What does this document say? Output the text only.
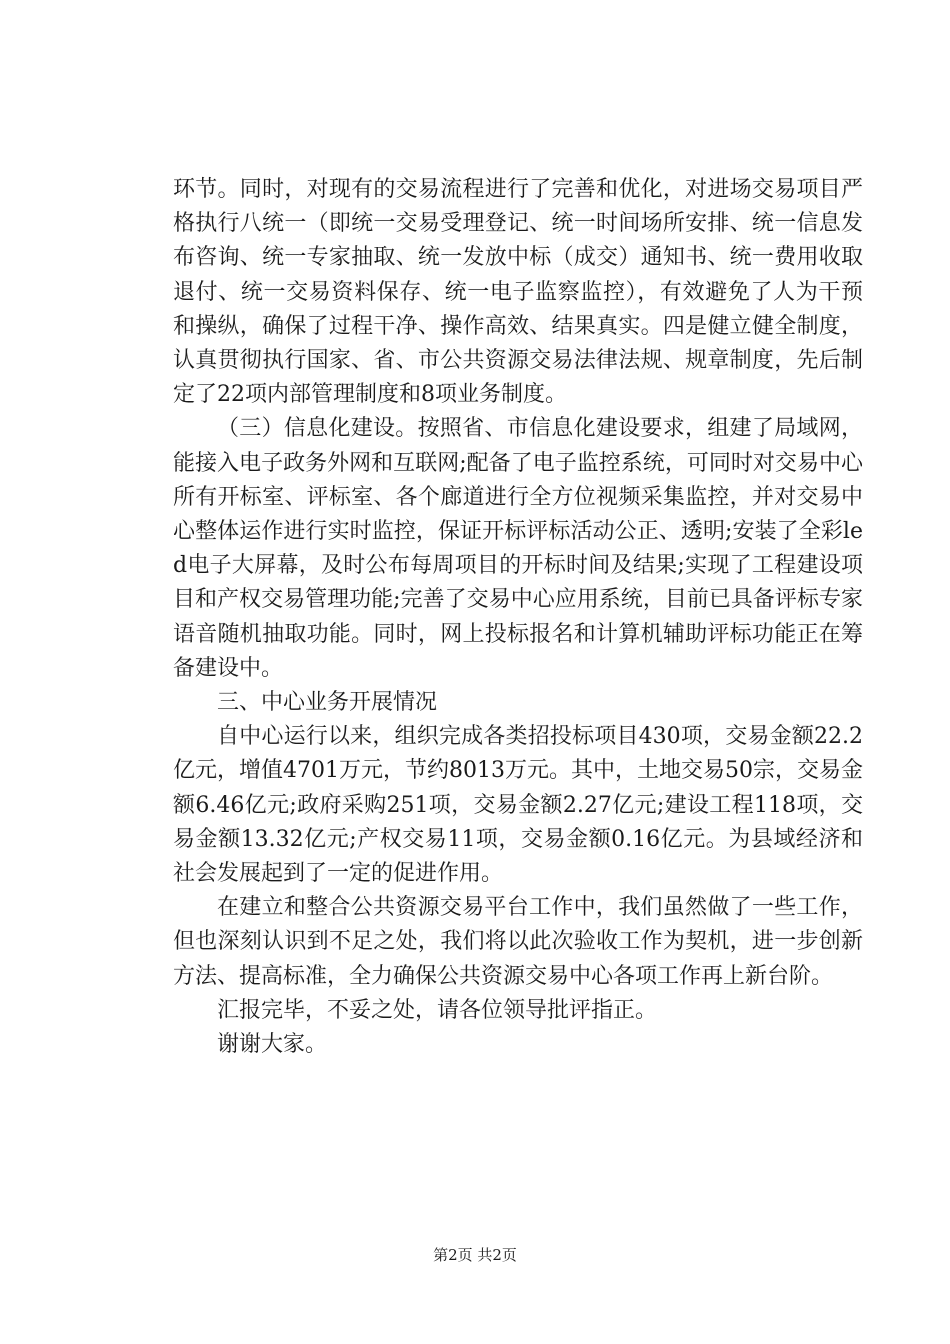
环节。同时，对现有的交易流程进行了完善和优化，对进场交易项目严格执行八统一（即统一交易受理登记、统一时间场所安排、统一信息发布咨询、统一专家抽取、统一发放中标（成交）通知书、统一费用收取退付、统一交易资料保存、统一电子监察监控），有效避免了人为干预和操纵，确保了过程干净、操作高效、结果真实。四是健立健全制度，认真贯彻执行国家、省、市公共资源交易法律法规、规章制度，先后制定了22项内部管理制度和8项业务制度。

（三）信息化建设。按照省、市信息化建设要求，组建了局域网，能接入电子政务外网和互联网;配备了电子监控系统，可同时对交易中心所有开标室、评标室、各个廊道进行全方位视频采集监控，并对交易中心整体运作进行实时监控，保证开标评标活动公正、透明;安装了全彩led电子大屏幕，及时公布每周项目的开标时间及结果;实现了工程建设项目和产权交易管理功能;完善了交易中心应用系统，目前已具备评标专家语音随机抽取功能。同时，网上投标报名和计算机辅助评标功能正在筹备建设中。

三、中心业务开展情况

自中心运行以来，组织完成各类招投标项目430项，交易金额22.2亿元，增值4701万元，节约8013万元。其中，土地交易50宗，交易金额6.46亿元;政府采购251项，交易金额2.27亿元;建设工程118项，交易金额13.32亿元;产权交易11项，交易金额0.16亿元。为县域经济和社会发展起到了一定的促进作用。

在建立和整合公共资源交易平台工作中，我们虽然做了一些工作，但也深刻认识到不足之处，我们将以此次验收工作为契机，进一步创新方法、提高标准，全力确保公共资源交易中心各项工作再上新台阶。

汇报完毕，不妥之处，请各位领导批评指正。

谢谢大家。

第2页 共2页
